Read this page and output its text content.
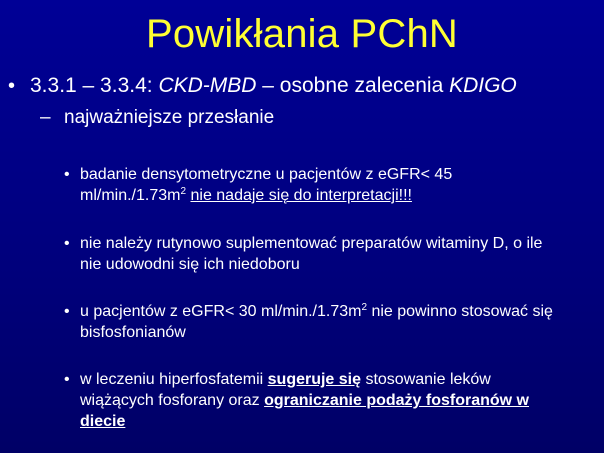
Powikłania PChN
• 3.3.1 – 3.3.4: CKD-MBD – osobne zalecenia KDIGO
– najważniejsze przesłanie
• badanie densytometryczne u pacjentów z eGFR< 45
$ml/\min./1.73m^2$ nie nadaje się do interpretacji!!!
• nie należy rutynowo suplementować preparatów witaminy D, o ile
nie udowodni się ich niedoboru
• u pacjentów z eGFR< 30 $ml/\min./1.73m^2$ nie powinno stosować się
bisfosfonianów
• w leczeniu hiperfosfatemii sugeruje się stosowanie leków
wiążących fosforany oraz ograniczanie podaży fosforanów w
diecie
